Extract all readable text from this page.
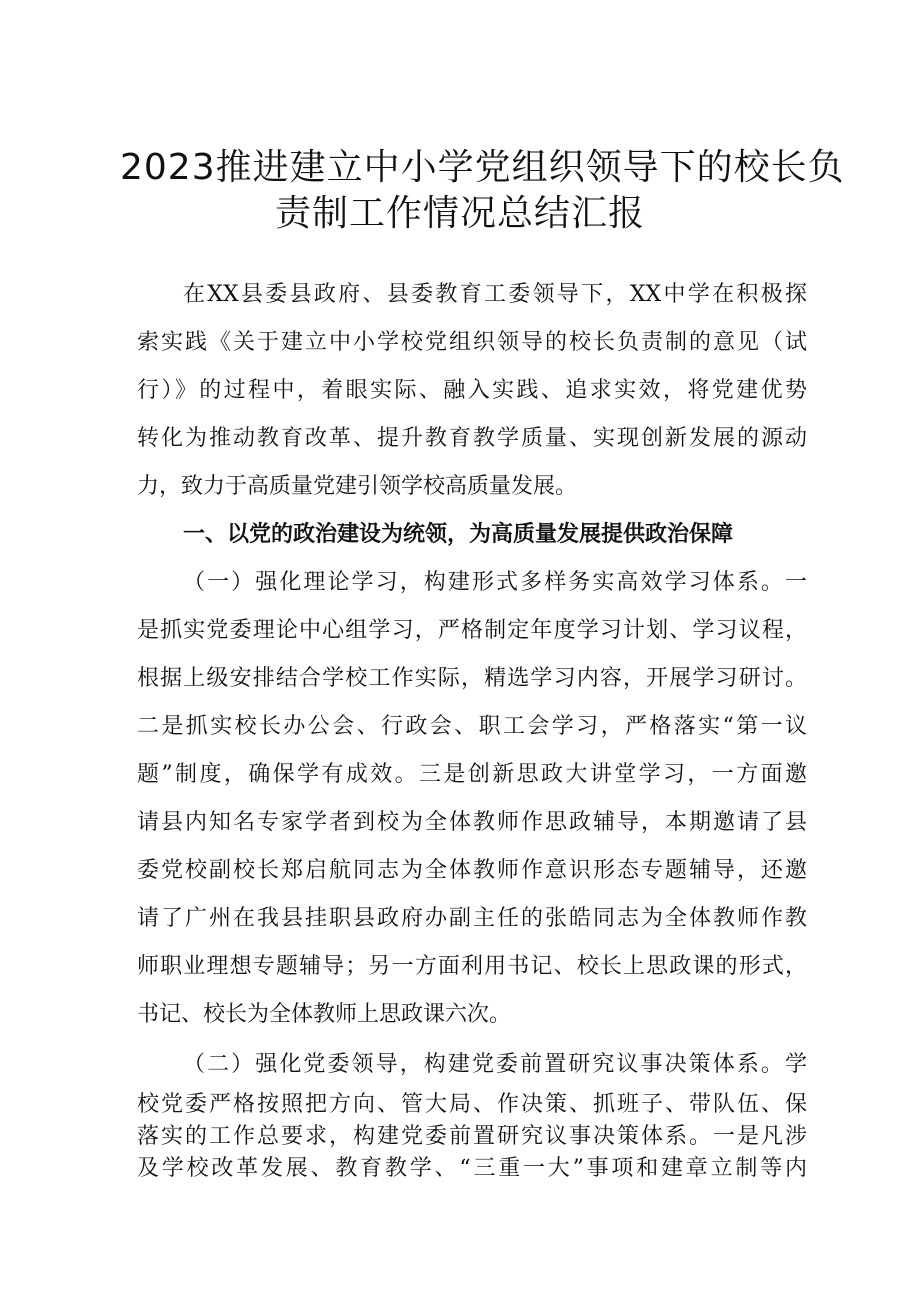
2023推进建立中小学党组织领导下的校长负
责制工作情况总结汇报
在XX县委县政府、县委教育工委领导下，XX中学在积极探
索实践《关于建立中小学校党组织领导的校长负责制的意见（试
行）》的过程中，着眼实际、融入实践、追求实效，将党建优势
转化为推动教育改革、提升教育教学质量、实现创新发展的源动
力，致力于高质量党建引领学校高质量发展。
一、以党的政治建设为统领，为高质量发展提供政治保障
（一）强化理论学习，构建形式多样务实高效学习体系。一
是抓实党委理论中心组学习，严格制定年度学习计划、学习议程，
根据上级安排结合学校工作实际，精选学习内容，开展学习研讨。
二是抓实校长办公会、行政会、职工会学习，严格落实“第一议
题”制度，确保学有成效。三是创新思政大讲堂学习，一方面邀
请县内知名专家学者到校为全体教师作思政辅导，本期邀请了县
委党校副校长郑启航同志为全体教师作意识形态专题辅导，还邀
请了广州在我县挂职县政府办副主任的张皓同志为全体教师作教
师职业理想专题辅导；另一方面利用书记、校长上思政课的形式，
书记、校长为全体教师上思政课六次。
（二）强化党委领导，构建党委前置研究议事决策体系。学
校党委严格按照把方向、管大局、作决策、抓班子、带队伍、保
落实的工作总要求，构建党委前置研究议事决策体系。一是凡涉
及学校改革发展、教育教学、“三重一大”事项和建章立制等内
